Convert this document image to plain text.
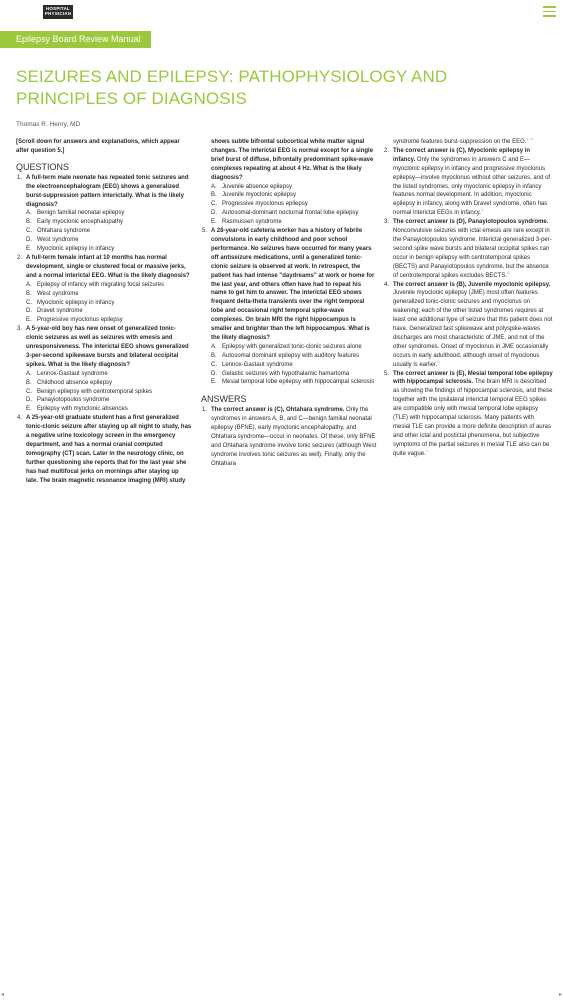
HOSPITAL
PHYSICIAN
Epilepsy Board Review Manual
SEIZURES AND EPILEPSY: PATHOPHYSIOLOGY AND PRINCIPLES OF DIAGNOSIS
Thomas R. Henry, MD
[Scroll down for answers and explanations, which appear after question 5.]
QUESTIONS
1. A full-term male neonate has repeated tonic seizures and the electroencephalogram (EEG) shows a generalized burst-suppression pattern interictally. What is the likely diagnosis?
A. Benign familial neonatal epilepsy
B. Early myoclonic encephalopathy
C. Ohtahara syndrome
D. West syndrome
E. Myoclonic epilepsy in infancy
2. A full-term female infant at 10 months has normal development, single or clustered focal or massive jerks, and a normal interictal EEG. What is the likely diagnosis?
A. Epilepsy of infancy with migrating focal seizures
B. West syndrome
C. Myoclonic epilepsy in infancy
D. Dravet syndrome
E. Progressive myoclonus epilepsy
3. A 5-year-old boy has new onset of generalized tonic-clonic seizures as well as seizures with emesis and unresponsiveness. The interictal EEG shows generalized 3-per-second spikewave bursts and bilateral occipital spikes. What is the likely diagnosis?
A. Lennox-Gastaut syndrome
B. Childhood absence epilepsy
C. Benign epilepsy with centrotemporal spikes
D. Panayiotopoulos syndrome
E. Epilepsy with myoclonic absences
4. A 25-year-old graduate student has a first generalized tonic-clonic seizure after staying up all night to study, has a negative urine toxicology screen in the emergency department, and has a normal cranial computed tomography (CT) scan. Later in the neurology clinic, on further questioning she reports that for the last year she has had multifocal jerks on mornings after staying up late. The brain magnetic resonance imaging (MRI) study
shows subtle bifrontal subcortical white matter signal changes. The interictal EEG is normal except for a single brief burst of diffuse, bifrontally predominant spike-wave complexes repeating at about 4 Hz. What is the likely diagnosis?
A. Juvenile absence epilepsy
B. Juvenile myoclonic epilepsy
C. Progressive myoclonus epilepsy
D. Autosomal-dominant nocturnal frontal lobe epilepsy
E. Rasmussen syndrome
5. A 28-year-old cafeteria worker has a history of febrile convulsions in early childhood and poor school performance. No seizures have occurred for many years off antiseizure medications, until a generalized tonic-clonic seizure is observed at work. In retrospect, the patient has had intense "daydreams" at work or home for the last year, and others often have had to repeat his name to get him to answer. The interictal EEG shows frequent delta-theta transients over the right temporal lobe and occasional right temporal spike-wave complexes. On brain MRI the right hippocampus is smaller and brighter than the left hippocampus. What is the likely diagnosis?
A. Epilepsy with generalized tonic-clonic seizures alone
B. Autosomal dominant epilepsy with auditory features
C. Lennox-Gastaut syndrome
D. Gelastic seizures with hypothalamic hamartoma
E. Mesial temporal lobe epilepsy with hippocampal sclerosis
ANSWERS
1. The correct answer is (C), Ohtahara syndrome. Only the syndromes in answers A, B, and C—benign familial neonatal epilepsy (BFNE), early myoclonic encephalopathy, and Ohtahara syndrome—occur in neonates. Of these, only BFNE and Ohtahara syndrome involve tonic seizures (although West syndrome involves tonic seizures as well). Finally, only the Ohtahara
syndrome features burst-suppression on the EEG.$^{1-3}$
2. The correct answer is (C), Myoclonic epilepsy in infancy. Only the syndromes in answers C and E—myoclonic epilepsy in infancy and progressive myoclonus epilepsy—involve myoclonus without other seizures, and of the listed syndromes, only myoclonic epilepsy in infancy features normal development. In addition, myoclonic epilepsy in infancy, along with Dravet syndrome, often has normal interictal EEGs in infancy.$^4$
3. The correct answer is (D), Panayiotopoulos syndrome. Nonconvulsive seizures with ictal emesis are rare except in the Panayiotopoulos syndrome. Interictal generalized 3-per-second spike wave bursts and bilateral occipital spikes can occur in benign epilepsy with centrotemporal spikes (BECTS) and Panayiotopoulos syndrome, but the absence of centrotemporal spikes excludes BECTS.$^5$
4. The correct answer is (B), Juvenile myoclonic epilepsy. Juvenile myoclonic epilepsy (JME) most often features generalized tonic-clonic seizures and myoclonus on wakening; each of the other listed syndromes requires at least one additional type of seizure that this patient does not have. Generalized fast spikewave and polyspike-waves discharges are most characteristic of JME, and not of the other syndromes. Onset of myoclonus in JME occasionally occurs in early adulthood, although onset of myoclonus usually is earlier.$^6$
5. The correct answer is (E), Mesial temporal lobe epilepsy with hippocampal sclerosis. The brain MRI is described as showing the findings of hippocampal sclerosis, and these together with the ipsilateral interictal temporal EEG spikes are compatible only with mesial temporal lobe epilepsy (TLE) with hippocampal sclerosis. Many patients with mesial TLE can provide a more definite description of auras and other ictal and postictal phenomena, but subjective symptoms of the partial seizures in mesial TLE also can be quite vague.$^7$
◂	▸
